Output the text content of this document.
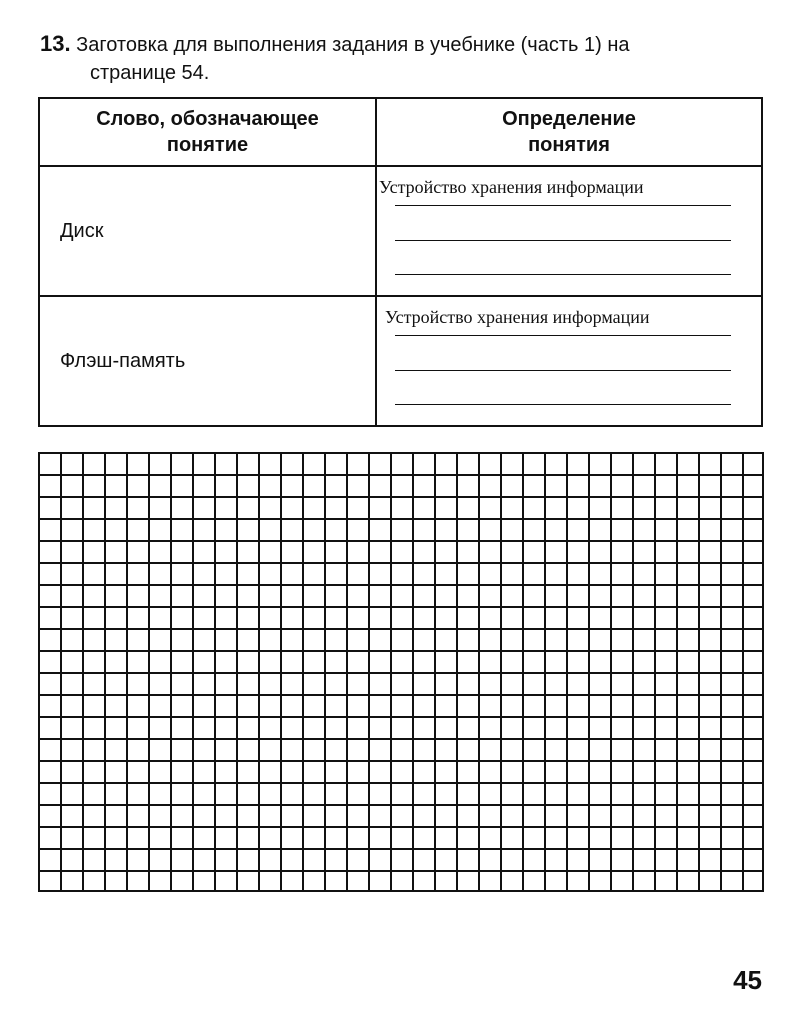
13. Заготовка для выполнения задания в учебнике (часть 1) на
странице 54.
Слово, обозначающее понятие	Определение понятия
Диск	Устройство хранения информации

Флэш-память	Устройство хранения информации
45
